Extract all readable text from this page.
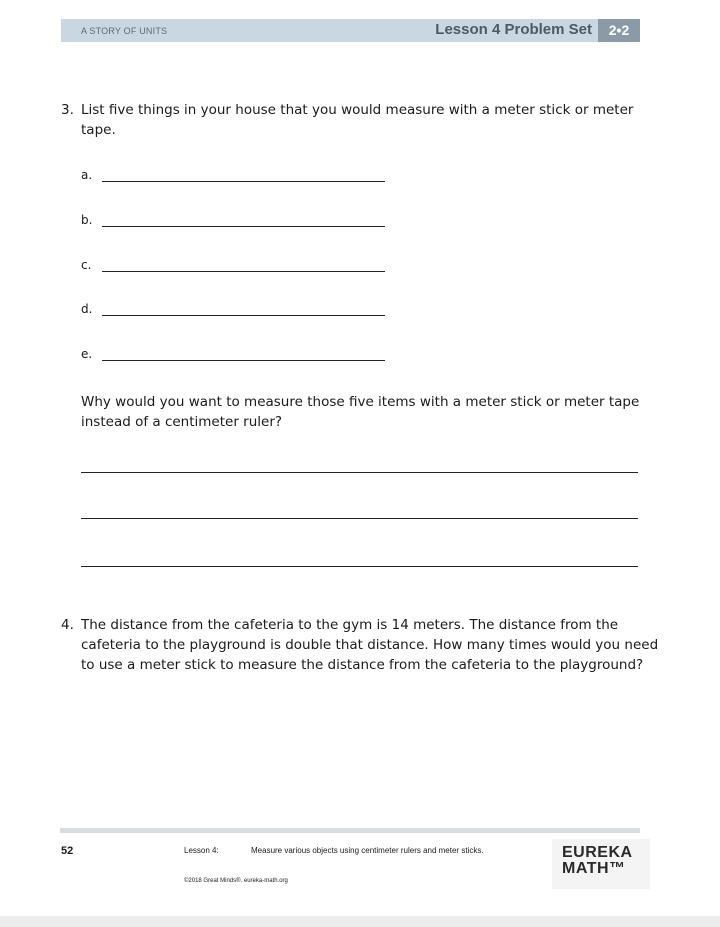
A STORY OF UNITS	Lesson 4 Problem Set	2•2
3. List five things in your house that you would measure with a meter stick or meter
tape.
a.
b.
c.
d.
e.
Why would you want to measure those five items with a meter stick or meter tape
instead of a centimeter ruler?
4. The distance from the cafeteria to the gym is 14 meters. The distance from the
cafeteria to the playground is double that distance. How many times would you need
to use a meter stick to measure the distance from the cafeteria to the playground?
52	Lesson 4:	Measure various objects using centimeter rulers and meter sticks.
©2018 Great Minds®. eureka-math.org
EUREKA
MATH™
